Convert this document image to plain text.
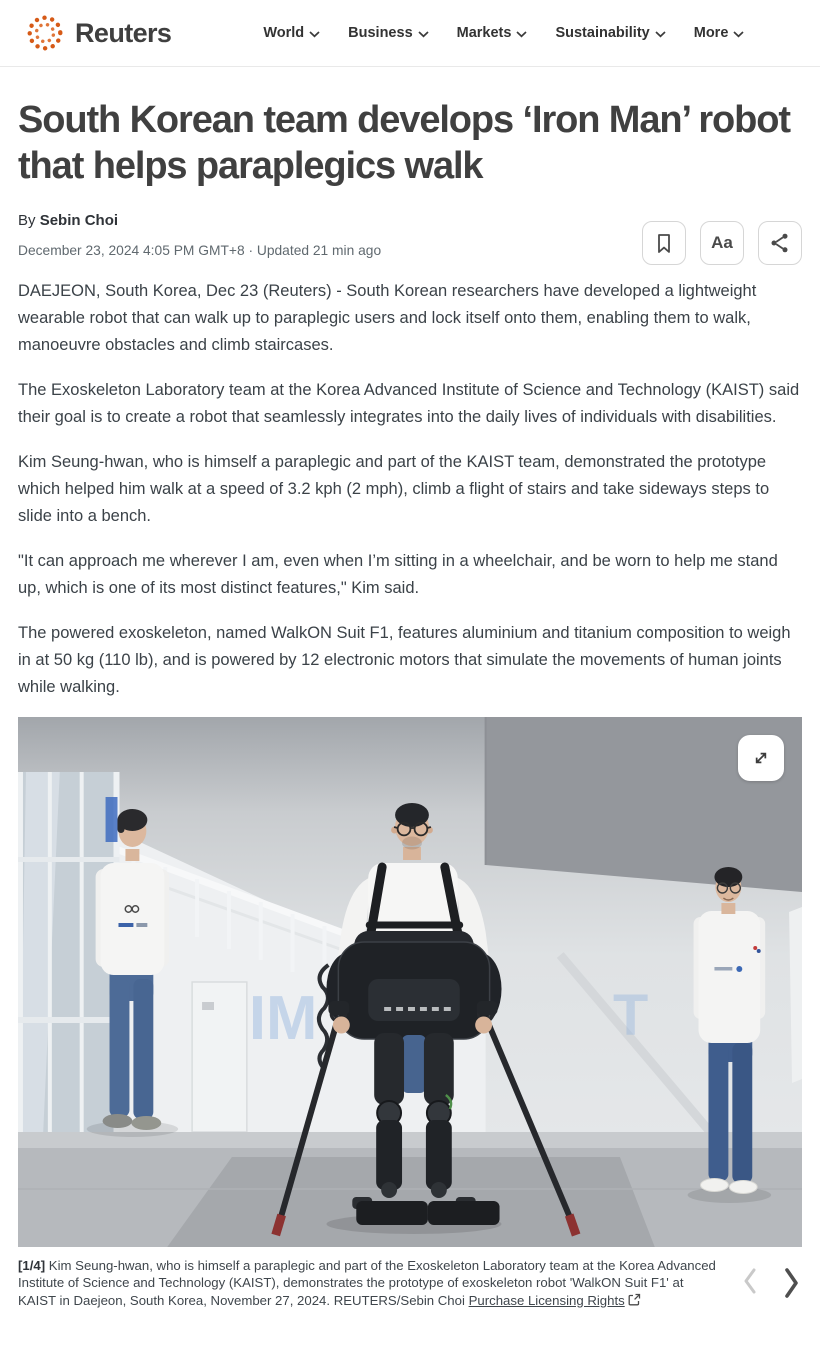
Reuters	World	Business	Markets	Sustainability	More
South Korean team develops ‘Iron Man’ robot that helps paraplegics walk
By Sebin Choi
December 23, 2024 4:05 PM GMT+8 · Updated 21 min ago	Aa

DAEJEON, South Korea, Dec 23 (Reuters) - South Korean researchers have developed a lightweight wearable robot that can walk up to paraplegic users and lock itself onto them, enabling them to walk, manoeuvre obstacles and climb staircases.

The Exoskeleton Laboratory team at the Korea Advanced Institute of Science and Technology (KAIST) said their goal is to create a robot that seamlessly integrates into the daily lives of individuals with disabilities.

Kim Seung-hwan, who is himself a paraplegic and part of the KAIST team, demonstrated the prototype which helped him walk at a speed of 3.2 kph (2 mph), climb a flight of stairs and take sideways steps to slide into a bench.

"It can approach me wherever I am, even when I’m sitting in a wheelchair, and be worn to help me stand up, which is one of its most distinct features," Kim said.

The powered exoskeleton, named WalkON Suit F1, features aluminium and titanium composition to weigh in at 50 kg (110 lb), and is powered by 12 electronic motors that simulate the movements of human joints while walking.

IM	T
[1/4] Kim Seung-hwan, who is himself a paraplegic and part of the Exoskeleton Laboratory team at the Korea Advanced Institute of Science and Technology (KAIST), demonstrates the prototype of exoskeleton robot 'WalkON Suit F1' at KAIST in Daejeon, South Korea, November 27, 2024. REUTERS/Sebin Choi Purchase Licensing Rights
